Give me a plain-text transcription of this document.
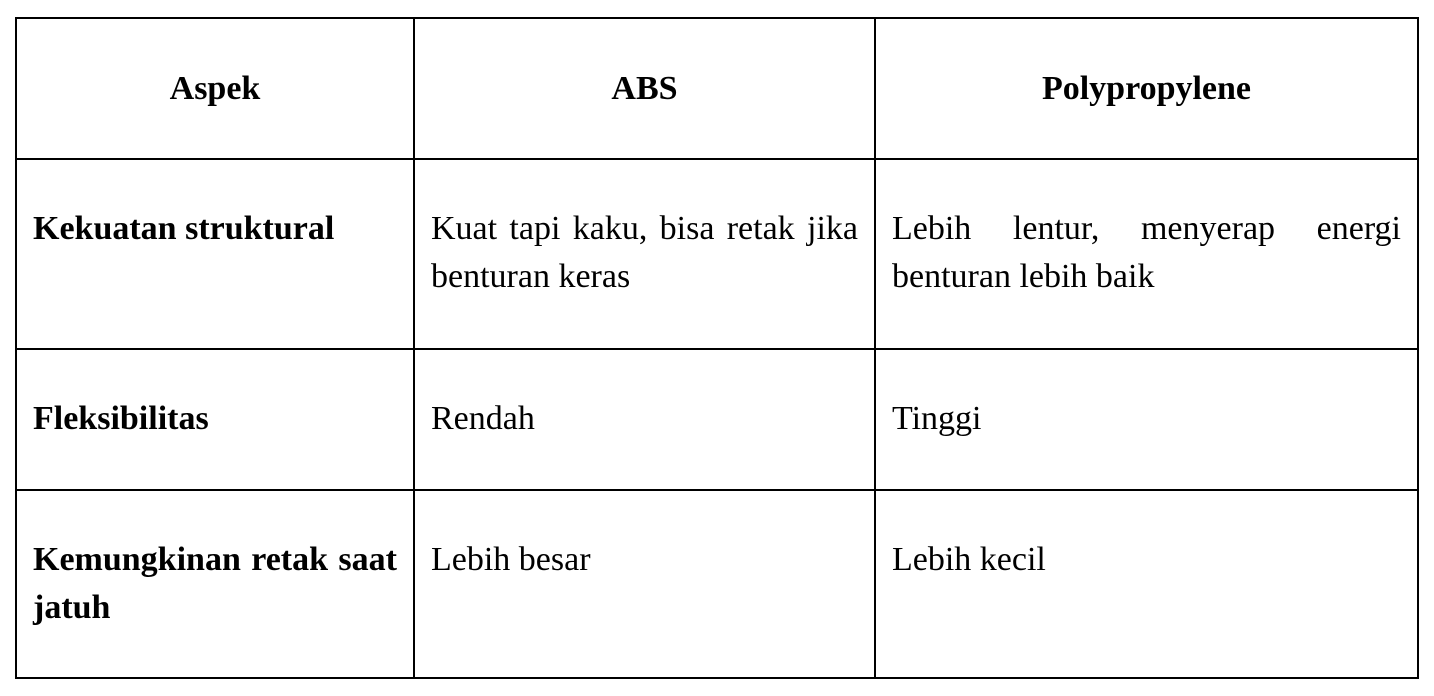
Aspek	ABS	Polypropylene
Kekuatan struktural	Kuat tapi kaku, bisa retak jika benturan keras	Lebih lentur, menyerap energi benturan lebih baik
Fleksibilitas	Rendah	Tinggi
Kemungkinan retak saat jatuh	Lebih besar	Lebih kecil
